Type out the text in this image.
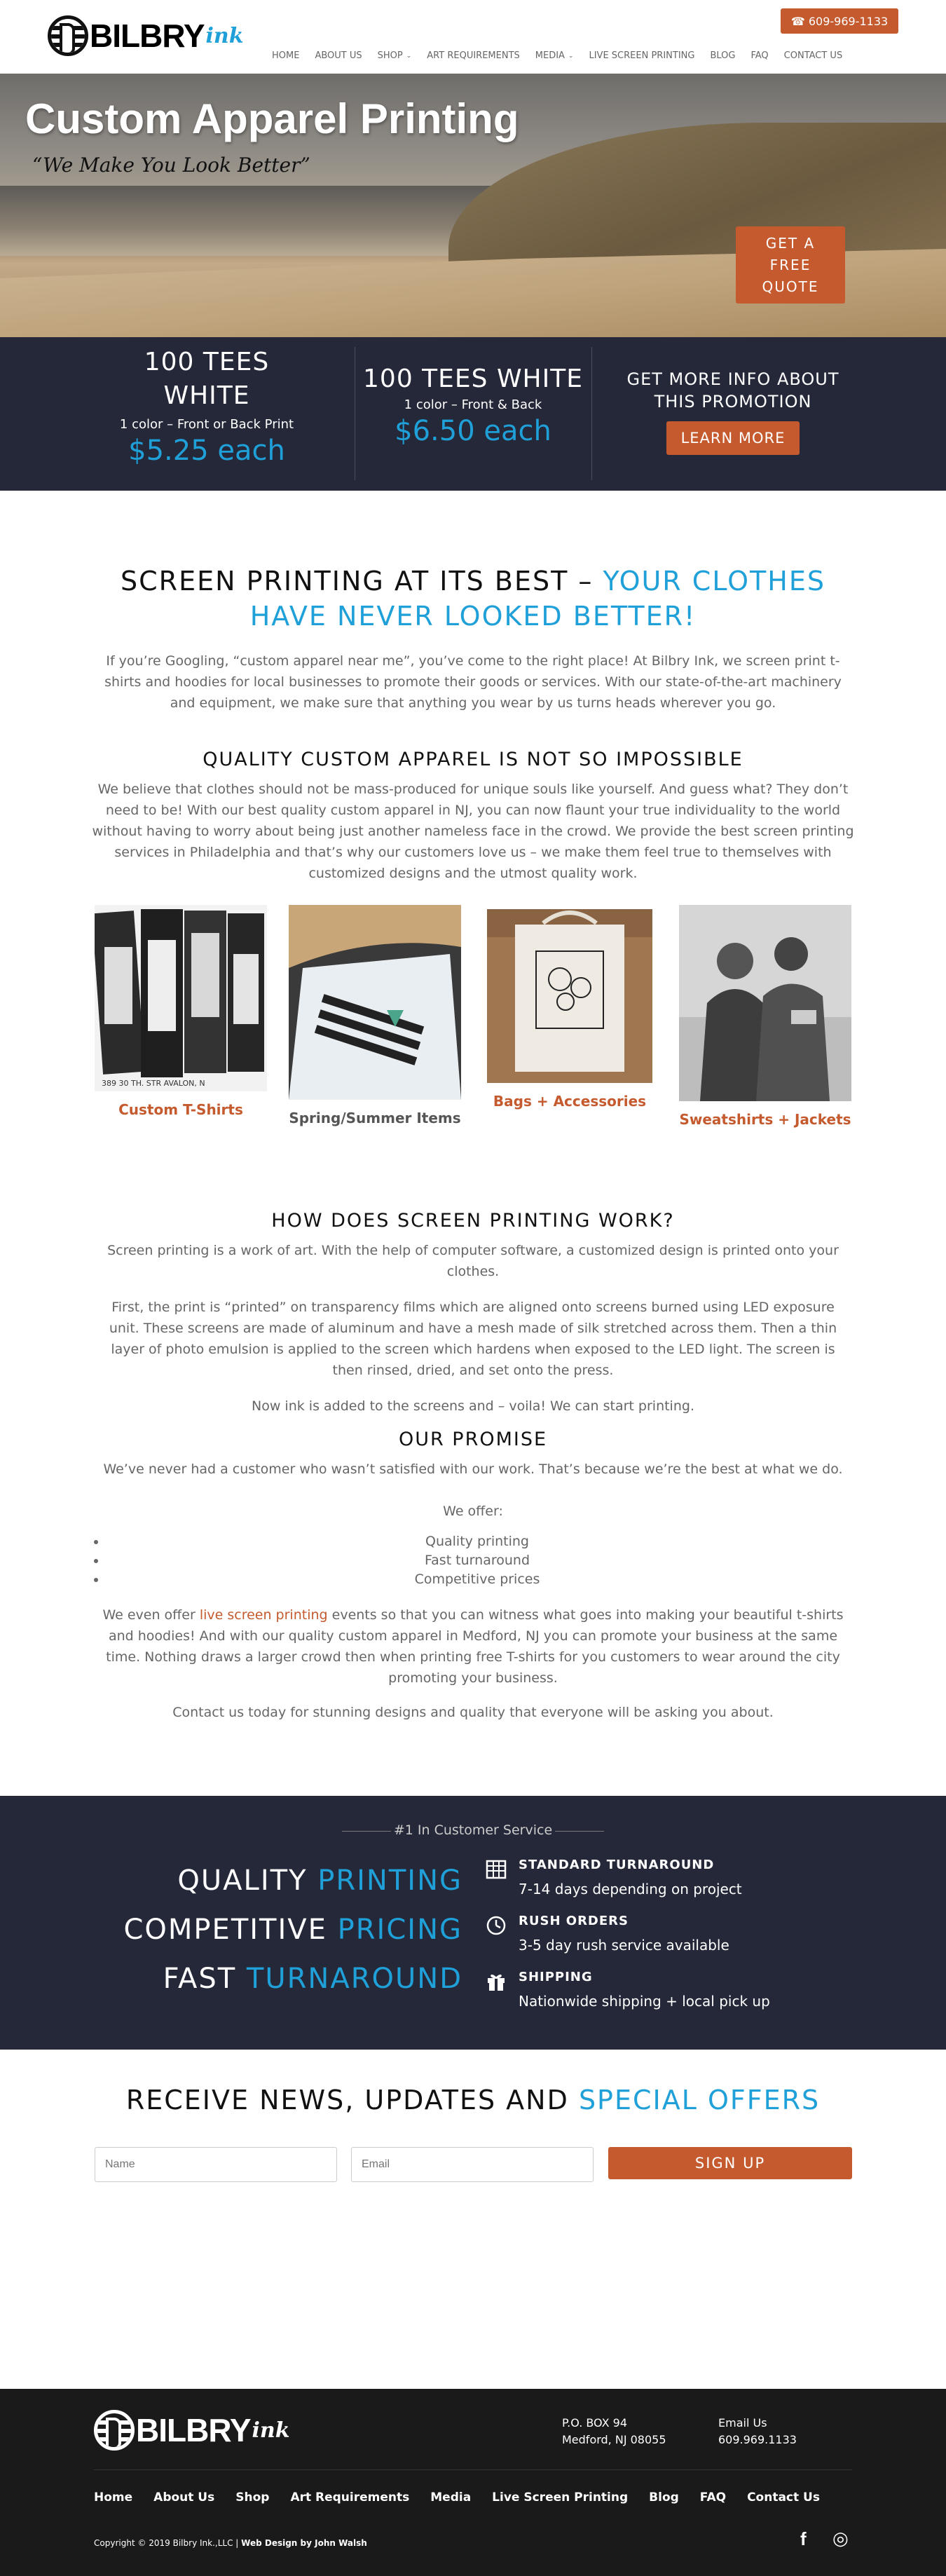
BILBRY ink
☎ 609-969-1133
HOME ABOUT US SHOP ⌄ ART REQUIREMENTS MEDIA ⌄ LIVE SCREEN PRINTING BLOG FAQ CONTACT US
Custom Apparel Printing
“We Make You Look Better”
GET A
FREE
QUOTE
100 TEES
WHITE
1 color – Front or Back Print
$5.25 each
100 TEES WHITE
1 color – Front & Back
$6.50 each
GET MORE INFO ABOUT
THIS PROMOTION
LEARN MORE
SCREEN PRINTING AT ITS BEST – YOUR CLOTHES
HAVE NEVER LOOKED BETTER!
If you’re Googling, “custom apparel near me”, you’ve come to the right place! At Bilbry Ink, we screen print t-shirts and hoodies for local businesses to promote their goods or services. With our state-of-the-art machinery and equipment, we make sure that anything you wear by us turns heads wherever you go.
QUALITY CUSTOM APPAREL IS NOT SO IMPOSSIBLE
We believe that clothes should not be mass-produced for unique souls like yourself. And guess what? They don’t need to be! With our best quality custom apparel in NJ, you can now flaunt your true individuality to the world without having to worry about being just another nameless face in the crowd. We provide the best screen printing services in Philadelphia and that’s why our customers love us – we make them feel true to themselves with customized designs and the utmost quality work.
389 30 TH. STR AVALON, N
Custom T-Shirts	Spring/Summer Items
Bags + Accessories
Sweatshirts + Jackets
HOW DOES SCREEN PRINTING WORK?
Screen printing is a work of art. With the help of computer software, a customized design is printed onto your clothes.
First, the print is “printed” on transparency films which are aligned onto screens burned using LED exposure unit. These screens are made of aluminum and have a mesh made of silk stretched across them. Then a thin layer of photo emulsion is applied to the screen which hardens when exposed to the LED light. The screen is then rinsed, dried, and set onto the press.
Now ink is added to the screens and – voila! We can start printing.
OUR PROMISE
We’ve never had a customer who wasn’t satisfied with our work. That’s because we’re the best at what we do.
We offer:
• Quality printing
• Fast turnaround
• Competitive prices
We even offer live screen printing events so that you can witness what goes into making your beautiful t-shirts and hoodies! And with our quality custom apparel in Medford, NJ you can promote your business at the same time. Nothing draws a larger crowd then when printing free T-shirts for you customers to wear around the city promoting your business.
Contact us today for stunning designs and quality that everyone will be asking you about.
#1 In Customer Service
QUALITY PRINTING
COMPETITIVE PRICING
FAST TURNAROUND
STANDARD TURNAROUND
7-14 days depending on project
RUSH ORDERS
3-5 day rush service available
SHIPPING
Nationwide shipping + local pick up
RECEIVE NEWS, UPDATES AND SPECIAL OFFERS
Name
Email
SIGN UP
BILBRY ink	P.O. BOX 94
Medford, NJ 08055
Email Us
609.969.1133
Home About Us Shop Art Requirements Media Live Screen Printing Blog FAQ Contact Us
Copyright © 2019 Bilbry Ink.,LLC | Web Design by John Walsh	f ◎
